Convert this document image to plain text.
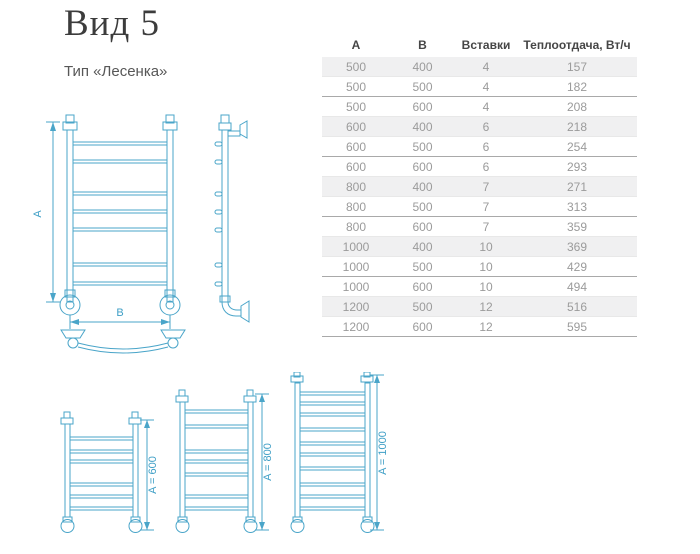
Вид 5
Тип «Лесенка»
A	B	Вставки	Теплоотдача, Вт/ч
500	400	4	157
500	500	4	182
500	600	4	208
600	400	6	218
600	500	6	254
600	600	6	293
800	400	7	271
800	500	7	313
800	600	7	359
1000	400	10	369
1000	500	10	429
1000	600	10	494
1200	500	12	516
1200	600	12	595
A
B
A = 600	A = 800	A = 1000
